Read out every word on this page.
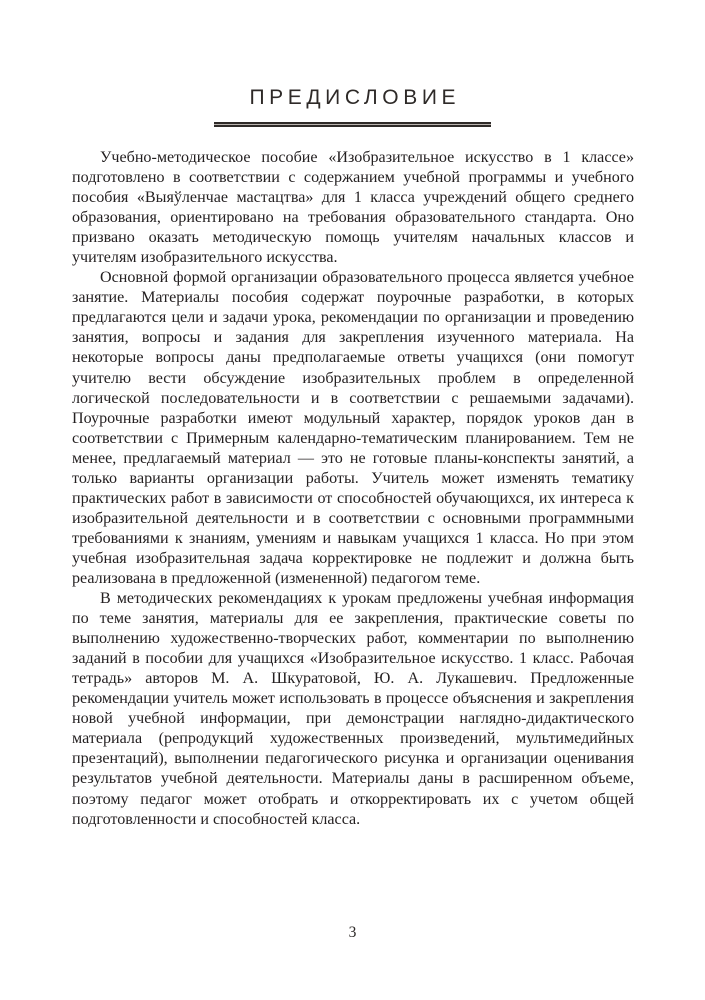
ПРЕДИСЛОВИЕ

Учебно-методическое пособие «Изобразительное искусство в 1 классе» подготовлено в соответствии с содержанием учебной программы и учебного пособия «Выяўленчае мастацтва» для 1 класса учреждений общего среднего образования, ориентировано на требования образовательного стандарта. Оно призвано оказать методическую помощь учителям начальных классов и учителям изобразительного искусства.

Основной формой организации образовательного процесса является учебное занятие. Материалы пособия содержат поурочные разработки, в которых предлагаются цели и задачи урока, рекомендации по организации и проведению занятия, вопросы и задания для закрепления изученного материала. На некоторые вопросы даны предполагаемые ответы учащихся (они помогут учителю вести обсуждение изобразительных проблем в определенной логической последовательности и в соответствии с решаемыми задачами). Поурочные разработки имеют модульный характер, порядок уроков дан в соответствии с Примерным календарно-тематическим планированием. Тем не менее, предлагаемый материал — это не готовые планы-конспекты занятий, а только варианты организации работы. Учитель может изменять тематику практических работ в зависимости от способностей обучающихся, их интереса к изобразительной деятельности и в соответствии с основными программными требованиями к знаниям, умениям и навыкам учащихся 1 класса. Но при этом учебная изобразительная задача корректировке не подлежит и должна быть реализована в предложенной (измененной) педагогом теме.

В методических рекомендациях к урокам предложены учебная информация по теме занятия, материалы для ее закрепления, практические советы по выполнению художественно-творческих работ, комментарии по выполнению заданий в пособии для учащихся «Изобразительное искусство. 1 класс. Рабочая тетрадь» авторов М. А. Шкуратовой, Ю. А. Лукашевич. Предложенные рекомендации учитель может использовать в процессе объяснения и закрепления новой учебной информации, при демонстрации наглядно-дидактического материала (репродукций художественных произведений, мультимедийных презентаций), выполнении педагогического рисунка и организации оценивания результатов учебной деятельности. Материалы даны в расширенном объеме, поэтому педагог может отобрать и откорректировать их с учетом общей подготовленности и способностей класса.

3
